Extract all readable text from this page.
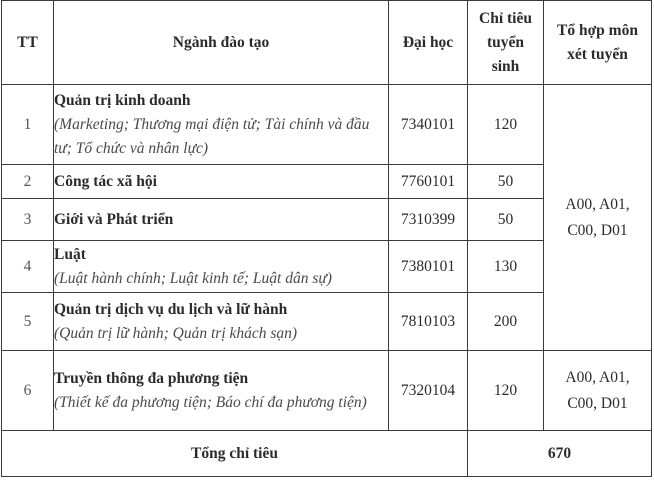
TT	Ngành đào tạo	Đại học	Chỉ tiêu
tuyển
sinh	Tổ hợp môn
xét tuyển

1	Quản trị kinh doanh
(Marketing; Thương mại điện tử; Tài chính và đầu tư; Tổ chức và nhân lực)	7340101	120	A00, A01,
C00, D01

2	Công tác xã hội	7760101	50	
3	Giới và Phát triển	7310399	50	
4	Luật
(Luật hành chính; Luật kinh tế; Luật dân sự)	7380101	130	
5	Quản trị dịch vụ du lịch và lữ hành
(Quản trị lữ hành; Quản trị khách sạn)	7810103	200	
6	Truyền thông đa phương tiện
(Thiết kế đa phương tiện; Báo chí đa phương tiện)	7320104	120	A00, A01,
C00, D01

Tổng chỉ tiêu			670	
